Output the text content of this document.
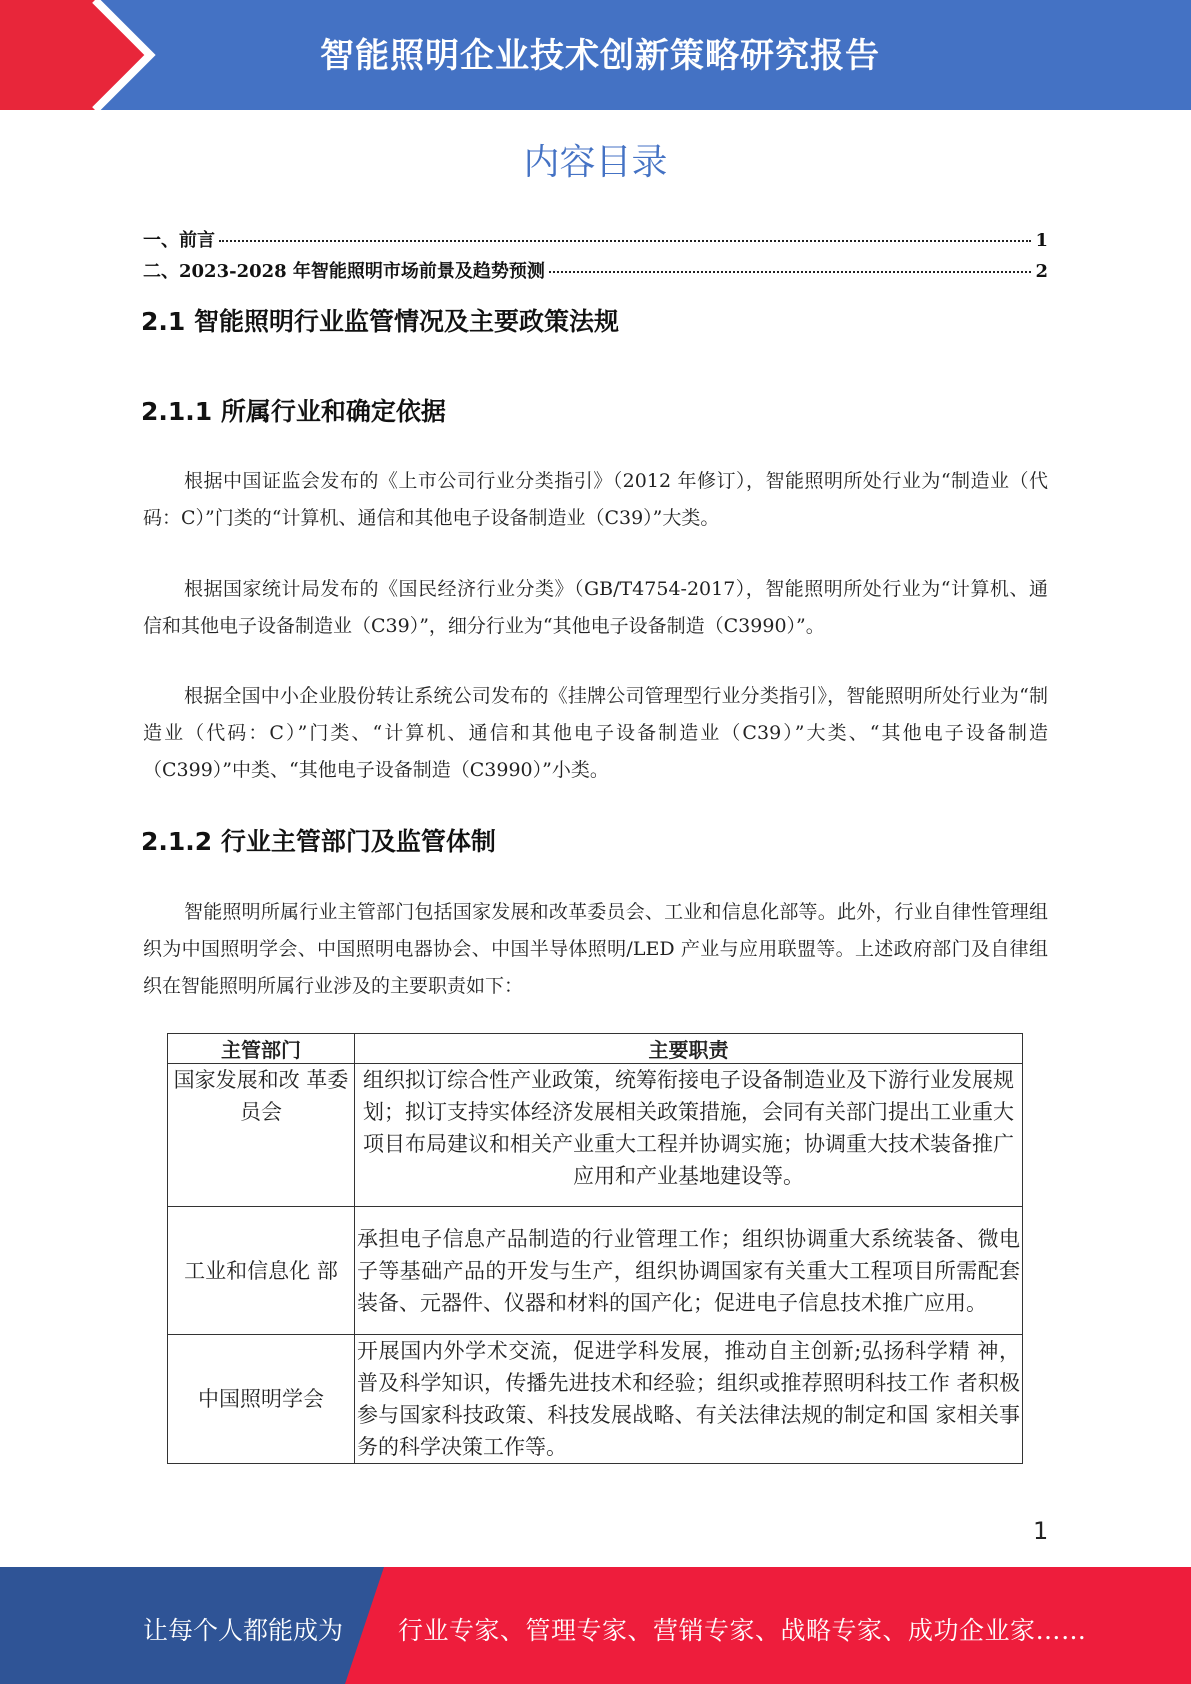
智能照明企业技术创新策略研究报告
内容目录
一、前言	1
二、2023-2028 年智能照明市场前景及趋势预测	2
2.1 智能照明行业监管情况及主要政策法规
2.1.1 所属行业和确定依据

根据中国证监会发布的《上市公司行业分类指引》（2012 年修订），智能照明所处行业为“制造业（代码：C）”门类的“计算机、通信和其他电子设备制造业（C39）”大类。

根据国家统计局发布的《国民经济行业分类》（GB/T4754-2017），智能照明所处行业为“计算机、通信和其他电子设备制造业（C39）”，细分行业为“其他电子设备制造（C3990）”。

根据全国中小企业股份转让系统公司发布的《挂牌公司管理型行业分类指引》，智能照明所处行业为“制造业（代码：C）”门类、“计算机、通信和其他电子设备制造业（C39）”大类、“其他电子设备制造（C399）”中类、“其他电子设备制造（C3990）”小类。

2.1.2 行业主管部门及监管体制

智能照明所属行业主管部门包括国家发展和改革委员会、工业和信息化部等。此外，行业自律性管理组织为中国照明学会、中国照明电器协会、中国半导体照明/LED 产业与应用联盟等。上述政府部门及自律组织在智能照明所属行业涉及的主要职责如下：

主管部门	主要职责
国家发展和改 革委员会	组织拟订综合性产业政策，统筹衔接电子设备制造业及下游行业发展规划；拟订支持实体经济发展相关政策措施，会同有关部门提出工业重大项目布局建议和相关产业重大工程并协调实施；协调重大技术装备推广应用和产业基地建设等。
工业和信息化 部	承担电子信息产品制造的行业管理工作；组织协调重大系统装备、微电子等基础产品的开发与生产，组织协调国家有关重大工程项目所需配套装备、元器件、仪器和材料的国产化；促进电子信息技术推广应用。
中国照明学会	开展国内外学术交流，促进学科发展，推动自主创新;弘扬科学精 神，普及科学知识，传播先进技术和经验；组织或推荐照明科技工作 者积极参与国家科技政策、科技发展战略、有关法律法规的制定和国 家相关事务的科学决策工作等。
1
让每个人都能成为 行业专家、管理专家、营销专家、战略专家、成功企业家……
